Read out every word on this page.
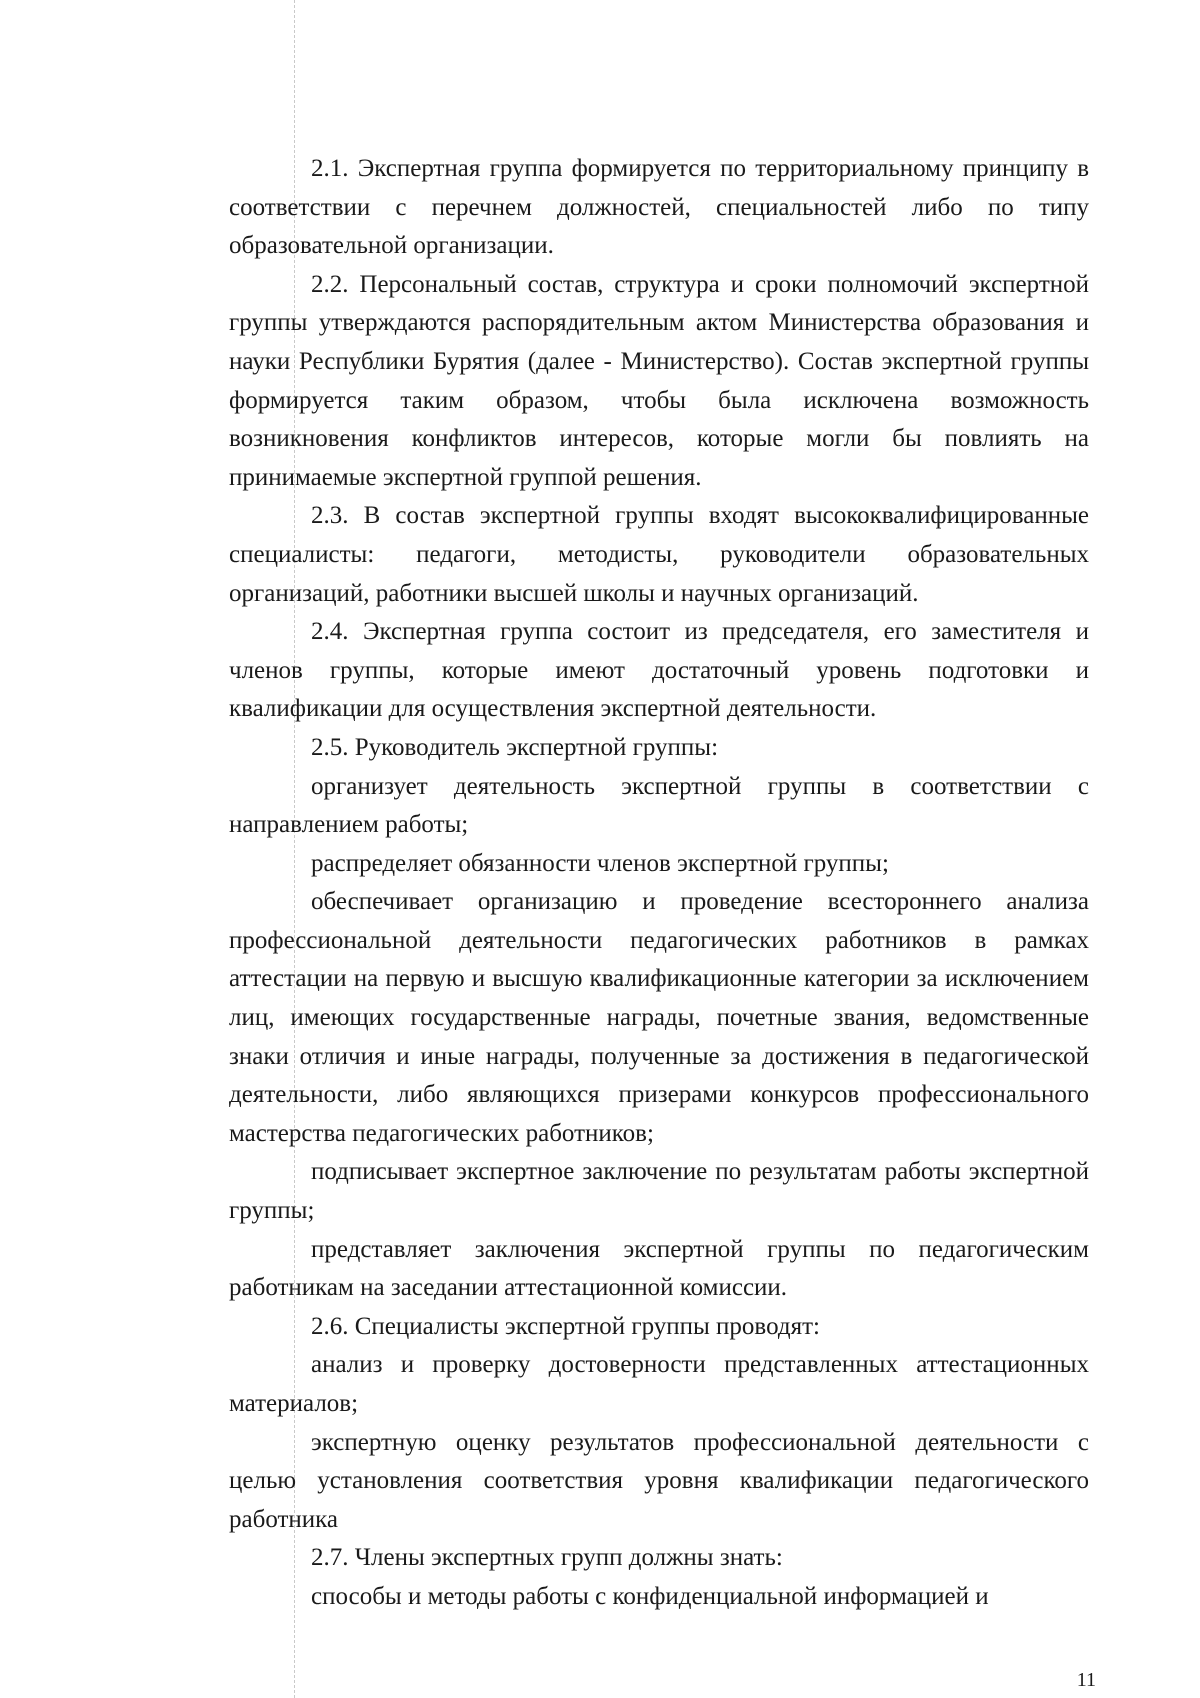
2.1. Экспертная группа формируется по территориальному принципу в соответствии с перечнем должностей, специальностей либо по типу образовательной организации.

2.2. Персональный состав, структура и сроки полномочий экспертной группы утверждаются распорядительным актом Министерства образования и науки Республики Бурятия (далее - Министерство). Состав экспертной группы формируется таким образом, чтобы была исключена возможность возникновения конфликтов интересов, которые могли бы повлиять на принимаемые экспертной группой решения.

2.3. В состав экспертной группы входят высококвалифицированные специалисты: педагоги, методисты, руководители образовательных организаций, работники высшей школы и научных организаций.

2.4. Экспертная группа состоит из председателя, его заместителя и членов группы, которые имеют достаточный уровень подготовки и квалификации для осуществления экспертной деятельности.

2.5. Руководитель экспертной группы:

организует деятельность экспертной группы в соответствии с направлением работы;

распределяет обязанности членов экспертной группы;

обеспечивает организацию и проведение всестороннего анализа профессиональной деятельности педагогических работников в рамках аттестации на первую и высшую квалификационные категории за исключением лиц, имеющих государственные награды, почетные звания, ведомственные знаки отличия и иные награды, полученные за достижения в педагогической деятельности, либо являющихся призерами конкурсов профессионального мастерства педагогических работников;

подписывает экспертное заключение по результатам работы экспертной группы;

представляет заключения экспертной группы по педагогическим работникам на заседании аттестационной комиссии.

2.6. Специалисты экспертной группы проводят:

анализ и проверку достоверности представленных аттестационных материалов;

экспертную оценку результатов профессиональной деятельности с целью установления соответствия уровня квалификации педагогического работника

2.7. Члены экспертных групп должны знать:

способы и методы работы с конфиденциальной информацией и

11
